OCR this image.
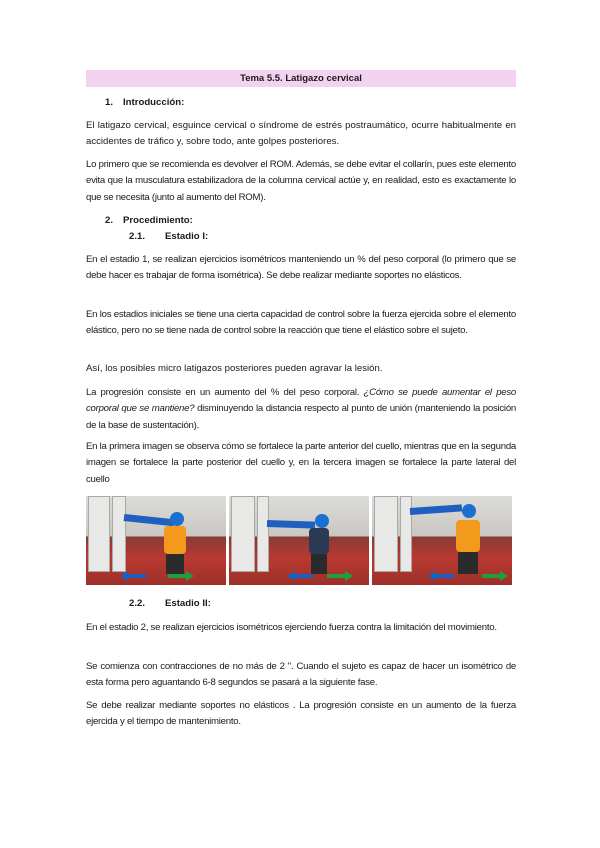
Tema 5.5. Latigazo cervical
1. Introducción:
El latigazo cervical, esguince cervical o síndrome de estrés postraumático, ocurre habitualmente en accidentes de tráfico y, sobre todo, ante golpes posteriores.
Lo primero que se recomienda es devolver el ROM. Además, se debe evitar el collarín, pues este elemento evita que la musculatura estabilizadora de la columna cervical actúe y, en realidad, esto es exactamente lo que se necesita (junto al aumento del ROM).
2. Procedimiento:
2.1. Estadio I:
En el estadio 1, se realizan ejercicios isométricos manteniendo un % del peso corporal (lo primero que se debe hacer es trabajar de forma isométrica). Se debe realizar mediante soportes no elásticos.
En los estadios iniciales se tiene una cierta capacidad de control sobre la fuerza ejercida sobre el elemento elástico, pero no se tiene nada de control sobre la reacción que tiene el elástico sobre el sujeto.
Así, los posibles micro latigazos posteriores pueden agravar la lesión.
La progresión consiste en un aumento del % del peso corporal. ¿Cómo se puede aumentar el peso corporal que se mantiene? disminuyendo la distancia respecto al punto de unión (manteniendo la posición de la base de sustentación).
En la primera imagen se observa cómo se fortalece la parte anterior del cuello, mientras que en la segunda imagen se fortalece la parte posterior del cuello y, en la tercera imagen se fortalece la parte lateral del cuello
2.2. Estadio II:
En el estadio 2, se realizan ejercicios isométricos ejerciendo fuerza contra la limitación del movimiento.
Se comienza con contracciones de no más de 2 ''. Cuando el sujeto es capaz de hacer un isométrico de esta forma pero aguantando 6-8 segundos se pasará a la siguiente fase.
Se debe realizar mediante soportes no elásticos . La progresión consiste en un aumento de la fuerza ejercida y el tiempo de mantenimiento.
